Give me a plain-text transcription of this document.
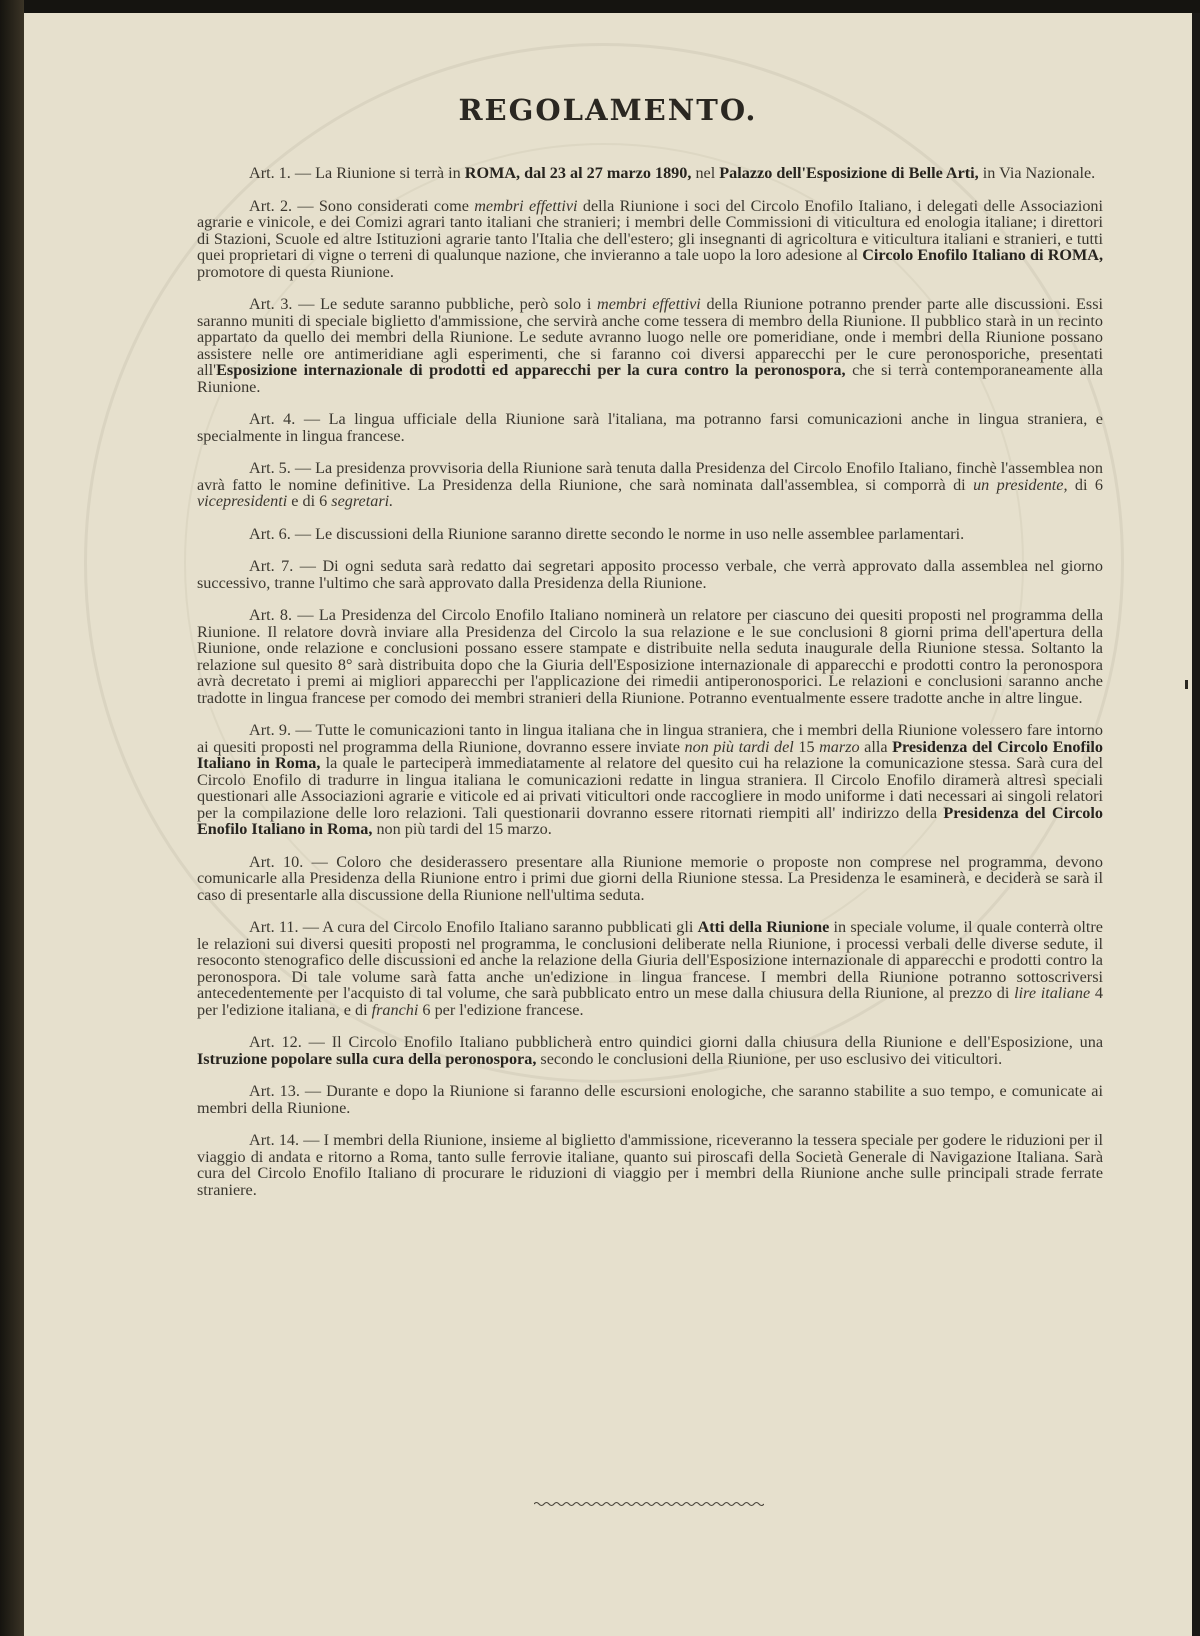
REGOLAMENTO.

Art. 1. — La Riunione si terrà in ROMA, dal 23 al 27 marzo 1890, nel Palazzo dell'Esposizione di Belle Arti, in Via Nazionale.

Art. 2. — Sono considerati come membri effettivi della Riunione i soci del Circolo Enofilo Italiano, i delegati delle Associazioni agrarie e vinicole, e dei Comizi agrari tanto italiani che stranieri; i membri delle Commissioni di viticultura ed enologia italiane; i direttori di Stazioni, Scuole ed altre Istituzioni agrarie tanto l'Italia che dell'estero; gli insegnanti di agricoltura e viticultura italiani e stranieri, e tutti quei proprietari di vigne o terreni di qualunque nazione, che invieranno a tale uopo la loro adesione al Circolo Enofilo Italiano di ROMA, promotore di questa Riunione.

Art. 3. — Le sedute saranno pubbliche, però solo i membri effettivi della Riunione potranno prender parte alle discussioni. Essi saranno muniti di speciale biglietto d'ammissione, che servirà anche come tessera di membro della Riunione. Il pubblico starà in un recinto appartato da quello dei membri della Riunione. Le sedute avranno luogo nelle ore pomeridiane, onde i membri della Riunione possano assistere nelle ore antimeridiane agli esperimenti, che si faranno coi diversi apparecchi per le cure peronosporiche, presentati all'Esposizione internazionale di prodotti ed apparecchi per la cura contro la peronospora, che si terrà contemporaneamente alla Riunione.

Art. 4. — La lingua ufficiale della Riunione sarà l'italiana, ma potranno farsi comunicazioni anche in lingua straniera, e specialmente in lingua francese.

Art. 5. — La presidenza provvisoria della Riunione sarà tenuta dalla Presidenza del Circolo Enofilo Italiano, finchè l'assemblea non avrà fatto le nomine definitive. La Presidenza della Riunione, che sarà nominata dall'assemblea, si comporrà di un presidente, di 6 vicepresidenti e di 6 segretari.

Art. 6. — Le discussioni della Riunione saranno dirette secondo le norme in uso nelle assemblee parlamentari.

Art. 7. — Di ogni seduta sarà redatto dai segretari apposito processo verbale, che verrà approvato dalla assemblea nel giorno successivo, tranne l'ultimo che sarà approvato dalla Presidenza della Riunione.

Art. 8. — La Presidenza del Circolo Enofilo Italiano nominerà un relatore per ciascuno dei quesiti proposti nel programma della Riunione. Il relatore dovrà inviare alla Presidenza del Circolo la sua relazione e le sue conclusioni 8 giorni prima dell'apertura della Riunione, onde relazione e conclusioni possano essere stampate e distribuite nella seduta inaugurale della Riunione stessa. Soltanto la relazione sul quesito 8° sarà distribuita dopo che la Giuria dell'Esposizione internazionale di apparecchi e prodotti contro la peronospora avrà decretato i premi ai migliori apparecchi per l'applicazione dei rimedii antiperonosporici. Le relazioni e conclusioni saranno anche tradotte in lingua francese per comodo dei membri stranieri della Riunione. Potranno eventualmente essere tradotte anche in altre lingue.

Art. 9. — Tutte le comunicazioni tanto in lingua italiana che in lingua straniera, che i membri della Riunione volessero fare intorno ai quesiti proposti nel programma della Riunione, dovranno essere inviate non più tardi del 15 marzo alla Presidenza del Circolo Enofilo Italiano in Roma, la quale le parteciperà immediatamente al relatore del quesito cui ha relazione la comunicazione stessa. Sarà cura del Circolo Enofilo di tradurre in lingua italiana le comunicazioni redatte in lingua straniera. Il Circolo Enofilo diramerà altresì speciali questionari alle Associazioni agrarie e viticole ed ai privati viticultori onde raccogliere in modo uniforme i dati necessari ai singoli relatori per la compilazione delle loro relazioni. Tali questionarii dovranno essere ritornati riempiti all' indirizzo della Presidenza del Circolo Enofilo Italiano in Roma, non più tardi del 15 marzo.

Art. 10. — Coloro che desiderassero presentare alla Riunione memorie o proposte non comprese nel programma, devono comunicarle alla Presidenza della Riunione entro i primi due giorni della Riunione stessa. La Presidenza le esaminerà, e deciderà se sarà il caso di presentarle alla discussione della Riunione nell'ultima seduta.

Art. 11. — A cura del Circolo Enofilo Italiano saranno pubblicati gli Atti della Riunione in speciale volume, il quale conterrà oltre le relazioni sui diversi quesiti proposti nel programma, le conclusioni deliberate nella Riunione, i processi verbali delle diverse sedute, il resoconto stenografico delle discussioni ed anche la relazione della Giuria dell'Esposizione internazionale di apparecchi e prodotti contro la peronospora. Di tale volume sarà fatta anche un'edizione in lingua francese. I membri della Riunione potranno sottoscriversi antecedentemente per l'acquisto di tal volume, che sarà pubblicato entro un mese dalla chiusura della Riunione, al prezzo di lire italiane 4 per l'edizione italiana, e di franchi 6 per l'edizione francese.

Art. 12. — Il Circolo Enofilo Italiano pubblicherà entro quindici giorni dalla chiusura della Riunione e dell'Esposizione, una Istruzione popolare sulla cura della peronospora, secondo le conclusioni della Riunione, per uso esclusivo dei viticultori.

Art. 13. — Durante e dopo la Riunione si faranno delle escursioni enologiche, che saranno stabilite a suo tempo, e comunicate ai membri della Riunione.

Art. 14. — I membri della Riunione, insieme al biglietto d'ammissione, riceveranno la tessera speciale per godere le riduzioni per il viaggio di andata e ritorno a Roma, tanto sulle ferrovie italiane, quanto sui piroscafi della Società Generale di Navigazione Italiana. Sarà cura del Circolo Enofilo Italiano di procurare le riduzioni di viaggio per i membri della Riunione anche sulle principali strade ferrate straniere.
